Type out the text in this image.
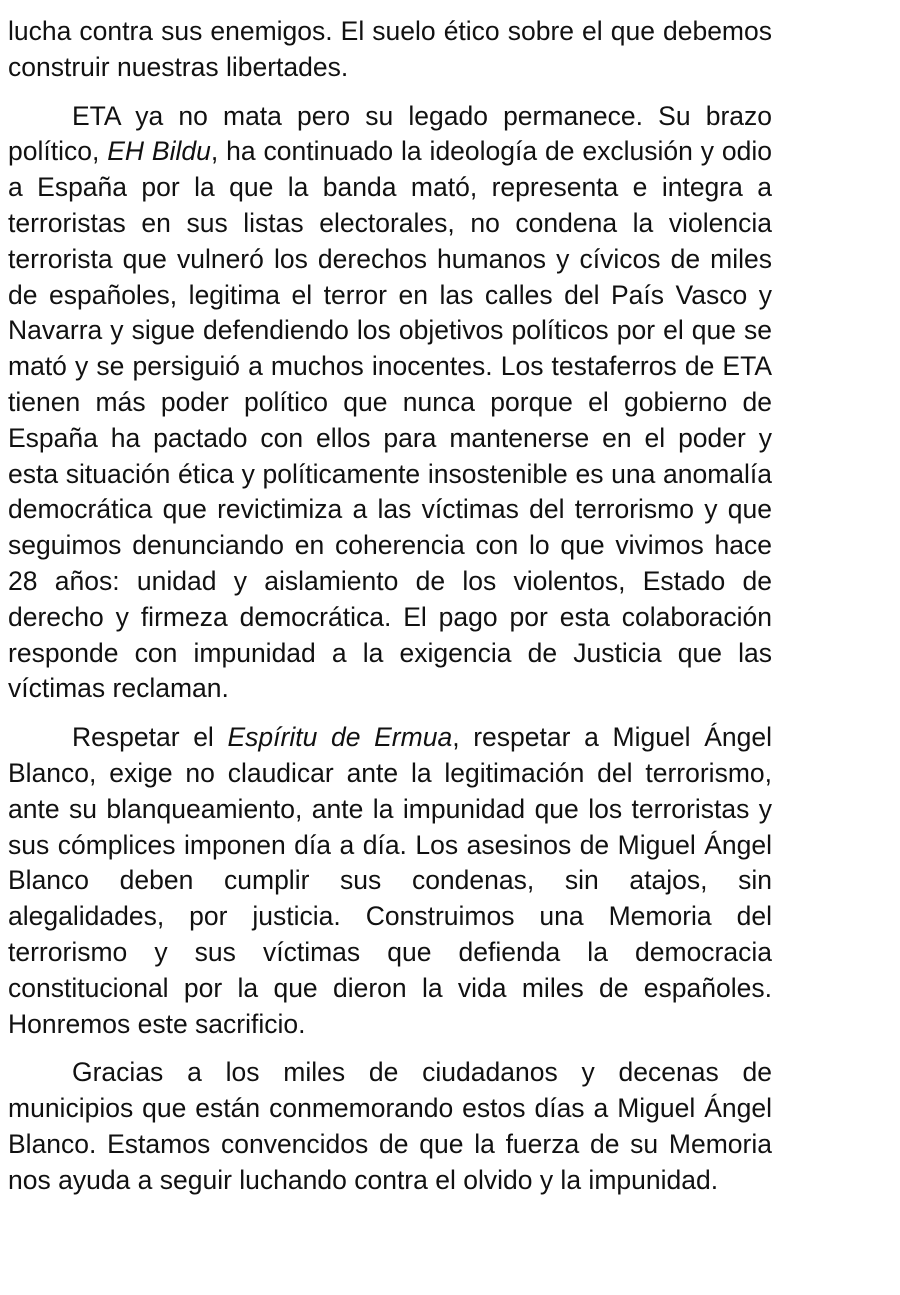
lucha contra sus enemigos. El suelo ético sobre el que debemos construir nuestras libertades.

ETA ya no mata pero su legado permanece. Su brazo político, EH Bildu, ha continuado la ideología de exclusión y odio a España por la que la banda mató, representa e integra a terroristas en sus listas electorales, no condena la violencia terrorista que vulneró los derechos humanos y cívicos de miles de españoles, legitima el terror en las calles del País Vasco y Navarra y sigue defendiendo los objetivos políticos por el que se mató y se persiguió a muchos inocentes. Los testaferros de ETA tienen más poder político que nunca porque el gobierno de España ha pactado con ellos para mantenerse en el poder y esta situación ética y políticamente insostenible es una anomalía democrática que revictimiza a las víctimas del terrorismo y que seguimos denunciando en coherencia con lo que vivimos hace 28 años: unidad y aislamiento de los violentos, Estado de derecho y firmeza democrática. El pago por esta colaboración responde con impunidad a la exigencia de Justicia que las víctimas reclaman.

Respetar el Espíritu de Ermua, respetar a Miguel Ángel Blanco, exige no claudicar ante la legitimación del terrorismo, ante su blanqueamiento, ante la impunidad que los terroristas y sus cómplices imponen día a día. Los asesinos de Miguel Ángel Blanco deben cumplir sus condenas, sin atajos, sin alegalidades, por justicia. Construimos una Memoria del terrorismo y sus víctimas que defienda la democracia constitucional por la que dieron la vida miles de españoles. Honremos este sacrificio.

Gracias a los miles de ciudadanos y decenas de municipios que están conmemorando estos días a Miguel Ángel Blanco. Estamos convencidos de que la fuerza de su Memoria nos ayuda a seguir luchando contra el olvido y la impunidad.
